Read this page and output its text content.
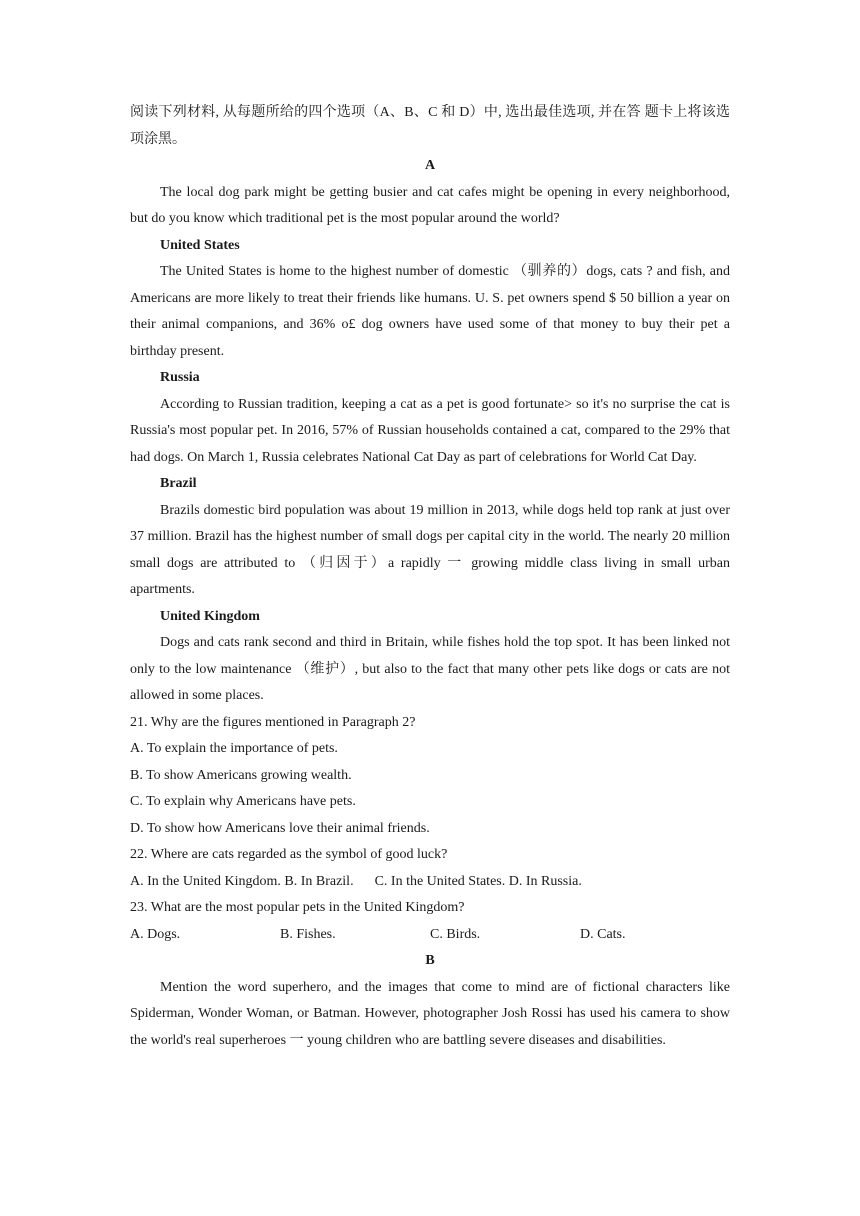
阅读下列材料, 从每题所给的四个选项（A、B、C 和 D）中, 选出最佳选项, 并在答 题卡上将该选项涂黑。
A
The local dog park might be getting busier and cat cafes might be opening in every neighborhood, but do you know which traditional pet is the most popular around the world?
United States
The United States is home to the highest number of domestic （驯养的）dogs, cats ? and fish, and Americans are more likely to treat their friends like humans. U. S. pet owners spend $ 50 billion a year on their animal companions, and 36% o£ dog owners have used some of that money to buy their pet a birthday present.
Russia
According to Russian tradition, keeping a cat as a pet is good fortunate> so it's no surprise the cat is Russia's most popular pet. In 2016, 57% of Russian households contained a cat, compared to the 29% that had dogs. On March 1, Russia celebrates National Cat Day as part of celebrations for World Cat Day.
Brazil
Brazils domestic bird population was about 19 million in 2013, while dogs held top rank at just over 37 million. Brazil has the highest number of small dogs per capital city in the world. The nearly 20 million small dogs are attributed to （归因于）a rapidly 一 growing middle class living in small urban apartments.
United Kingdom
Dogs and cats rank second and third in Britain, while fishes hold the top spot. It has been linked not only to the low maintenance （维护）, but also to the fact that many other pets like dogs or cats are not allowed in some places.
21. Why are the figures mentioned in Paragraph 2?
A. To explain the importance of pets.
B. To show Americans growing wealth.
C. To explain why Americans have pets.
D. To show how Americans love their animal friends.
22. Where are cats regarded as the symbol of good luck?
A. In the United Kingdom. B. In Brazil.      C. In the United States. D. In Russia.
23. What are the most popular pets in the United Kingdom?
A. Dogs.	B. Fishes.	C. Birds.	D. Cats.
B
Mention the word superhero, and the images that come to mind are of fictional characters like Spiderman, Wonder Woman, or Batman. However, photographer Josh Rossi has used his camera to show the world's real superheroes 一 young children who are battling severe diseases and disabilities.
